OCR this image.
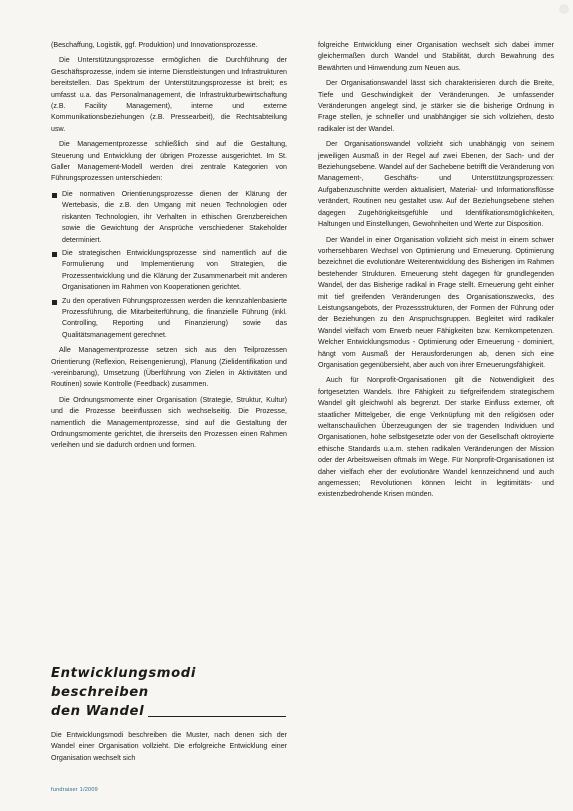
(Beschaffung, Logistik, ggf. Produktion) und Innovationsprozesse.

Die Unterstützungsprozesse ermöglichen die Durchführung der Geschäftsprozesse, indem sie interne Dienstleistungen und Infrastrukturen bereitstellen. Das Spektrum der Unterstützungsprozesse ist breit; es umfasst u.a. das Personalmanagement, die Infrastrukturbewirtschaftung (z.B. Facility Management), interne und externe Kommunikationsbeziehungen (z.B. Pressearbeit), die Rechtsabteilung usw.

Die Managementprozesse schließlich sind auf die Gestaltung, Steuerung und Entwicklung der übrigen Prozesse ausgerichtet. Im St. Galler Management-Modell werden drei zentrale Kategorien von Führungsprozessen unterschieden:

Die normativen Orientierungsprozesse dienen der Klärung der Wertebasis, die z.B. den Umgang mit neuen Technologien oder riskanten Technologien, ihr Verhalten in ethischen Grenzbereichen sowie die Gewichtung der Ansprüche verschiedener Stakeholder determiniert.
Die strategischen Entwicklungsprozesse sind namentlich auf die Formulierung und Implementierung von Strategien, die Prozessentwicklung und die Klärung der Zusammenarbeit mit anderen Organisationen im Rahmen von Kooperationen gerichtet.
Zu den operativen Führungsprozessen werden die kennzahlenbasierte Prozessführung, die Mitarbeiterführung, die finanzielle Führung (inkl. Controlling, Reporting und Finanzierung) sowie das Qualitätsmanagement gerechnet.

Alle Managementprozesse setzen sich aus den Teilprozessen Orientierung (Reflexion, Reisengenierung), Planung (Zielidentifikation und -vereinbarung), Umsetzung (Überführung von Zielen in Aktivitäten und Routinen) sowie Kontrolle (Feedback) zusammen.

Die Ordnungsmomente einer Organisation (Strategie, Struktur, Kultur) und die Prozesse beeinflussen sich wechselseitig. Die Prozesse, namentlich die Managementprozesse, sind auf die Gestaltung der Ordnungsmomente gerichtet, die ihrerseits den Prozessen einen Rahmen verleihen und sie dadurch ordnen und formen.

Entwicklungsmodi beschreiben
den Wandel
Die Entwicklungsmodi beschreiben die Muster, nach denen sich der Wandel einer Organisation vollzieht. Die erfolgreiche Entwicklung einer Organisation wechselt sich

folgreiche Entwicklung einer Organisation wechselt sich dabei immer gleichermaßen durch Wandel und Stabilität, durch Bewahrung des Bewährten und Hinwendung zum Neuen aus.

Der Organisationswandel lässt sich charakterisieren durch die Breite, Tiefe und Geschwindigkeit der Veränderungen. Je umfassender Veränderungen angelegt sind, je stärker sie die bisherige Ordnung in Frage stellen, je schneller und unabhängiger sie sich vollziehen, desto radikaler ist der Wandel.

Der Organisationswandel vollzieht sich unabhängig von seinem jeweiligen Ausmaß in der Regel auf zwei Ebenen, der Sach- und der Beziehungsebene. Wandel auf der Sachebene betrifft die Veränderung von Management-, Geschäfts- und Unterstützungsprozessen: Aufgabenzuschnitte werden aktualisiert, Material- und Informationsflüsse verändert, Routinen neu gestaltet usw. Auf der Beziehungsebene stehen dagegen Zugehörigkeitsgefühle und Identifikationsmöglichkeiten, Haltungen und Einstellungen, Gewohnheiten und Werte zur Disposition.

Der Wandel in einer Organisation vollzieht sich meist in einem schwer vorhersehbaren Wechsel von Optimierung und Erneuerung. Optimierung bezeichnet die evolutionäre Weiterentwicklung des Bisherigen im Rahmen bestehender Strukturen. Erneuerung steht dagegen für grundlegenden Wandel, der das Bisherige radikal in Frage stellt. Erneuerung geht einher mit tief greifenden Veränderungen des Organisationszwecks, des Leistungsangebots, der Prozessstrukturen, der Formen der Führung oder der Beziehungen zu den Anspruchsgruppen. Begleitet wird radikaler Wandel vielfach vom Erwerb neuer Fähigkeiten bzw. Kernkompetenzen. Welcher Entwicklungsmodus - Optimierung oder Erneuerung - dominiert, hängt vom Ausmaß der Herausforderungen ab, denen sich eine Organisation gegenübersieht, aber auch von ihrer Erneuerungsfähigkeit.

Auch für Nonprofit-Organisationen gilt die Notwendigkeit des fortgesetzten Wandels. Ihre Fähigkeit zu tiefgreifendem strategischem Wandel gilt gleichwohl als begrenzt. Der starke Einfluss externer, oft staatlicher Mittelgeber, die enge Verknüpfung mit den religiösen oder weltanschaulichen Überzeugungen der sie tragenden Individuen und Organisationen, hohe selbstgesetzte oder von der Gesellschaft oktroyierte ethische Standards u.a.m. stehen radikalen Veränderungen der Mission oder der Arbeitsweisen oftmals im Wege. Für Nonprofit-Organisationen ist daher vielfach eher der evolutionäre Wandel kennzeichnend und auch angemessen; Revolutionen können leicht in legitimitäts- und existenzbedrohende Krisen münden.

fundraiser 1/2009
